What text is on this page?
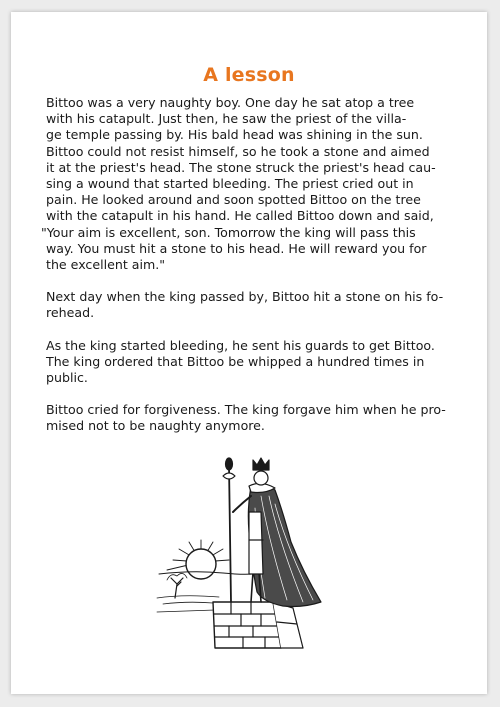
A lesson

Bittoo was a very naughty boy. One day he sat atop a tree
with his catapult. Just then, he saw the priest of the villa-
ge temple passing by. His bald head was shining in the sun.
Bittoo could not resist himself, so he took a stone and aimed
it at the priest's head. The stone struck the priest's head cau-
sing a wound that started bleeding. The priest cried out in
pain. He looked around and soon spotted Bittoo on the tree
with the catapult in his hand. He called Bittoo down and said,
"Your aim is excellent, son. Tomorrow the king will pass this
way. You must hit a stone to his head. He will reward you for
the excellent aim."

Next day when the king passed by, Bittoo hit a stone on his fo-
rehead.

As the king started bleeding, he sent his guards to get Bittoo.
The king ordered that Bittoo be whipped a hundred times in
public.

Bittoo cried for forgiveness. The king forgave him when he pro-
mised not to be naughty anymore.
